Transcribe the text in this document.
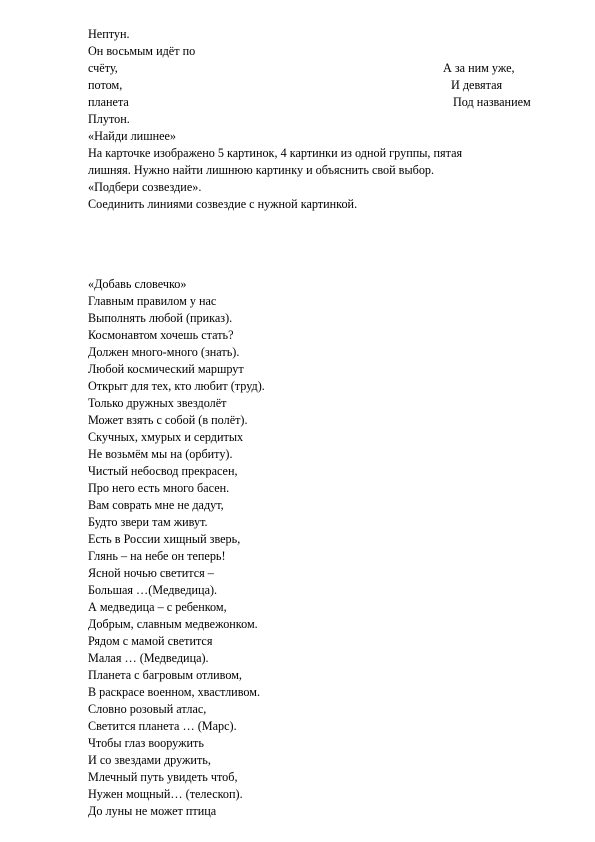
Нептун.
Он восьмым идёт по
счёту,
потом,
планета
Плутон.
А за ним уже,
И девятая
Под названием
«Найди лишнее»
На карточке изображено 5 картинок, 4 картинки из одной группы, пятая
лишняя. Нужно найти лишнюю картинку и объяснить свой выбор.
«Подбери созвездие».
Соединить линиями созвездие с нужной картинкой.
«Добавь словечко»
Главным правилом у нас
Выполнять любой (приказ).
Космонавтом хочешь стать?
Должен много-много (знать).
Любой космический маршрут
Открыт для тех, кто любит (труд).
Только дружных звездолёт
Может взять с собой (в полёт).
Скучных, хмурых и сердитых
Не возьмём мы на (орбиту).
Чистый небосвод прекрасен,
Про него есть много басен.
Вам соврать мне не дадут,
Будто звери там живут.
Есть в России хищный зверь,
Глянь – на небе он теперь!
Ясной ночью светится –
Большая …(Медведица).
А медведица – с ребенком,
Добрым, славным медвежонком.
Рядом с мамой светится
Малая … (Медведица).
Планета с багровым отливом,
В раскрасе военном, хвастливом.
Словно розовый атлас,
Светится планета … (Марс).
Чтобы глаз вооружить
И со звездами дружить,
Млечный путь увидеть чтоб,
Нужен мощный… (телескоп).
До луны не может птица
